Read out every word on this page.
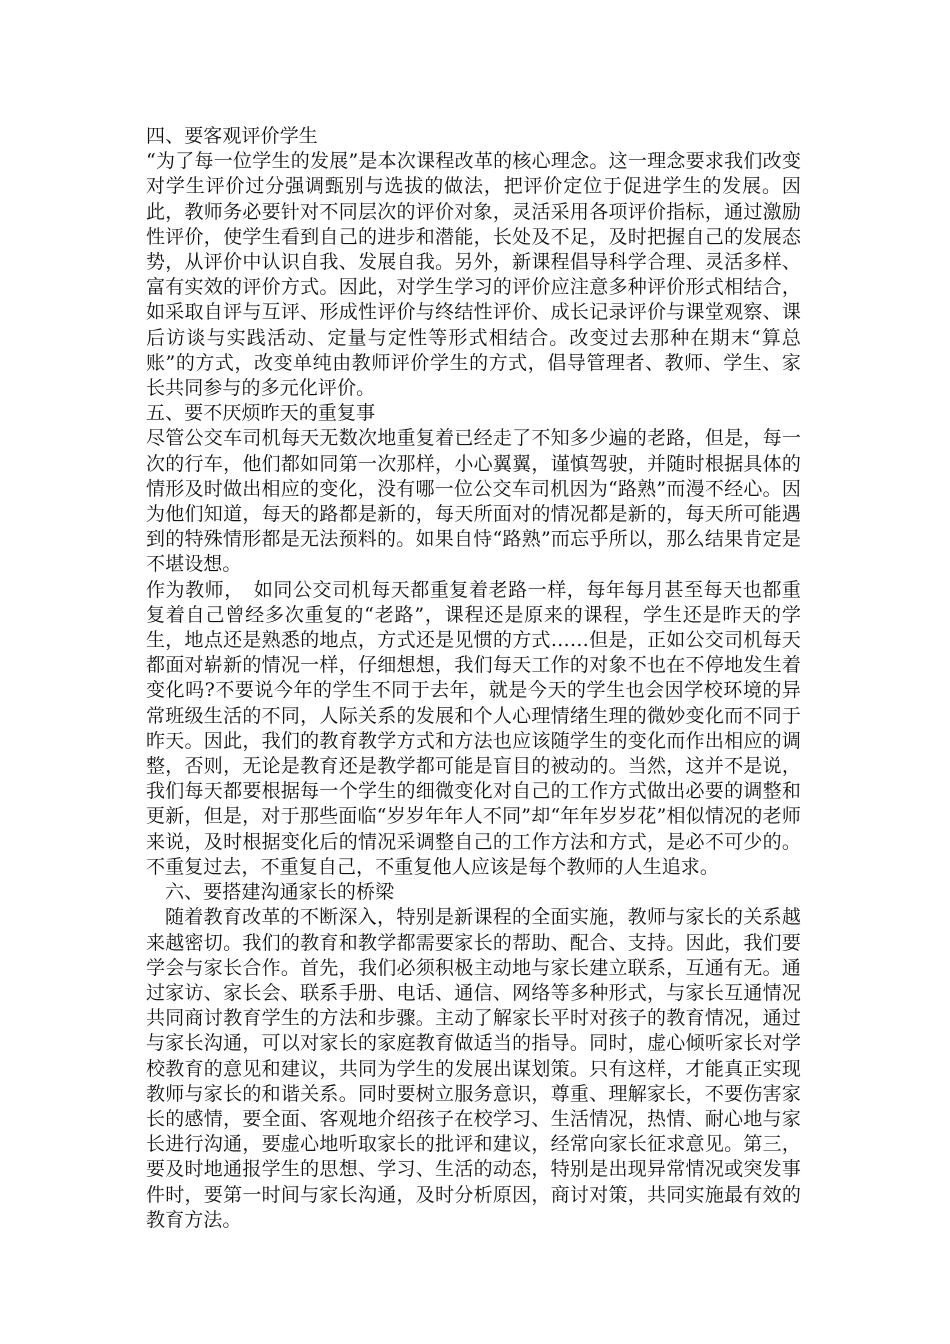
四、要客观评价学生

“为了每一位学生的发展”是本次课程改革的核心理念。这一理念要求我们改变对学生评价过分强调甄别与选拔的做法，把评价定位于促进学生的发展。因此，教师务必要针对不同层次的评价对象，灵活采用各项评价指标，通过激励性评价，使学生看到自己的进步和潜能，长处及不足，及时把握自己的发展态势，从评价中认识自我、发展自我。另外，新课程倡导科学合理、灵活多样、富有实效的评价方式。因此，对学生学习的评价应注意多种评价形式相结合，如采取自评与互评、形成性评价与终结性评价、成长记录评价与课堂观察、课后访谈与实践活动、定量与定性等形式相结合。改变过去那种在期末“算总账”的方式，改变单纯由教师评价学生的方式，倡导管理者、教师、学生、家长共同参与的多元化评价。

五、要不厌烦昨天的重复事

尽管公交车司机每天无数次地重复着已经走了不知多少遍的老路，但是，每一次的行车，他们都如同第一次那样，小心翼翼，谨慎驾驶，并随时根据具体的情形及时做出相应的变化，没有哪一位公交车司机因为“路熟”而漫不经心。因为他们知道，每天的路都是新的，每天所面对的情况都是新的，每天所可能遇到的特殊情形都是无法预料的。如果自恃“路熟”而忘乎所以，那么结果肯定是不堪设想。

作为教师，　如同公交司机每天都重复着老路一样，每年每月甚至每天也都重复着自己曾经多次重复的“老路”，课程还是原来的课程，学生还是昨天的学生，地点还是熟悉的地点，方式还是见惯的方式……但是，正如公交司机每天都面对崭新的情况一样，仔细想想，我们每天工作的对象不也在不停地发生着变化吗?不要说今年的学生不同于去年，就是今天的学生也会因学校环境的异常班级生活的不同，人际关系的发展和个人心理情绪生理的微妙变化而不同于昨天。因此，我们的教育教学方式和方法也应该随学生的变化而作出相应的调整，否则，无论是教育还是教学都可能是盲目的被动的。当然，这并不是说，我们每天都要根据每一个学生的细微变化对自己的工作方式做出必要的调整和更新，但是，对于那些面临“岁岁年年人不同”却“年年岁岁花”相似情况的老师来说，及时根据变化后的情况采调整自己的工作方法和方式，是必不可少的。不重复过去，不重复自己，不重复他人应该是每个教师的人生追求。

六、要搭建沟通家长的桥梁

随着教育改革的不断深入，特别是新课程的全面实施，教师与家长的关系越来越密切。我们的教育和教学都需要家长的帮助、配合、支持。因此，我们要学会与家长合作。首先，我们必须积极主动地与家长建立联系，互通有无。通过家访、家长会、联系手册、电话、通信、网络等多种形式，与家长互通情况共同商讨教育学生的方法和步骤。主动了解家长平时对孩子的教育情况，通过与家长沟通，可以对家长的家庭教育做适当的指导。同时，虚心倾听家长对学校教育的意见和建议，共同为学生的发展出谋划策。只有这样，才能真正实现教师与家长的和谐关系。同时要树立服务意识，尊重、理解家长，不要伤害家长的感情，要全面、客观地介绍孩子在校学习、生活情况，热情、耐心地与家长进行沟通，要虚心地听取家长的批评和建议，经常向家长征求意见。第三，要及时地通报学生的思想、学习、生活的动态，特别是出现异常情况或突发事件时，要第一时间与家长沟通，及时分析原因，商讨对策，共同实施最有效的教育方法。
